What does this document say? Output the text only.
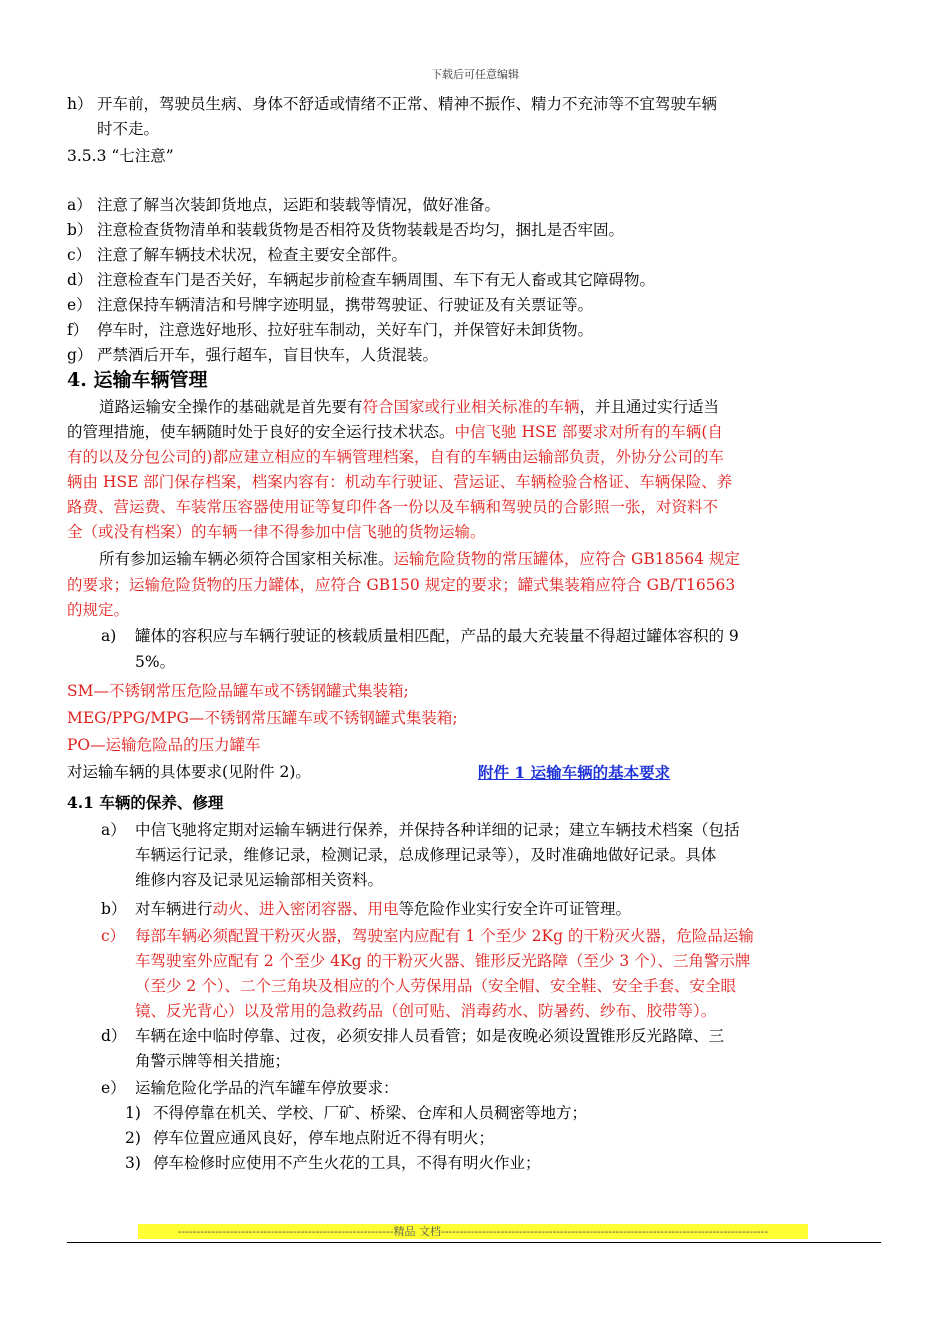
下载后可任意编辑
h） 开车前，驾驶员生病、身体不舒适或情绪不正常、精神不振作、精力不充沛等不宜驾驶车辆
时不走。
3.5.3 “七注意”
a） 注意了解当次装卸货地点，运距和装载等情况，做好准备。
b） 注意检查货物清单和装载货物是否相符及货物装载是否均匀，捆扎是否牢固。
c） 注意了解车辆技术状况，检查主要安全部件。
d） 注意检查车门是否关好，车辆起步前检查车辆周围、车下有无人畜或其它障碍物。
e） 注意保持车辆清洁和号牌字迹明显，携带驾驶证、行驶证及有关票证等。
f） 停车时，注意选好地形、拉好驻车制动，关好车门，并保管好未卸货物。
g） 严禁酒后开车，强行超车，盲目快车，人货混装。
4. 运输车辆管理
道路运输安全操作的基础就是首先要有符合国家或行业相关标准的车辆，并且通过实行适当
的管理措施，使车辆随时处于良好的安全运行技术状态。中信飞驰 HSE 部要求对所有的车辆(自
有的以及分包公司的)都应建立相应的车辆管理档案，自有的车辆由运输部负责，外协分公司的车
辆由 HSE 部门保存档案，档案内容有：机动车行驶证、营运证、车辆检验合格证、车辆保险、养
路费、营运费、车装常压容器使用证等复印件各一份以及车辆和驾驶员的合影照一张，对资料不
全（或没有档案）的车辆一律不得参加中信飞驰的货物运输。
所有参加运输车辆必须符合国家相关标准。运输危险货物的常压罐体，应符合 GB18564 规定
的要求；运输危险货物的压力罐体，应符合 GB150 规定的要求；罐式集装箱应符合 GB/T16563
的规定。
a) 罐体的容积应与车辆行驶证的核载质量相匹配，产品的最大充装量不得超过罐体容积的 9
5%。
SM—不锈钢常压危险品罐车或不锈钢罐式集装箱;
MEG/PPG/MPG—不锈钢常压罐车或不锈钢罐式集装箱;
PO—运输危险品的压力罐车
对运输车辆的具体要求(见附件 2)。	附件 1 运输车辆的基本要求
4.1 车辆的保养、修理
a） 中信飞驰将定期对运输车辆进行保养，并保持各种详细的记录；建立车辆技术档案（包括
车辆运行记录，维修记录，检测记录，总成修理记录等），及时准确地做好记录。具体
维修内容及记录见运输部相关资料。
b） 对车辆进行动火、进入密闭容器、用电等危险作业实行安全许可证管理。
c） 每部车辆必须配置干粉灭火器，驾驶室内应配有 1 个至少 2Kg 的干粉灭火器，危险品运输
车驾驶室外应配有 2 个至少 4Kg 的干粉灭火器、锥形反光路障（至少 3 个）、三角警示牌
（至少 2 个）、二个三角块及相应的个人劳保用品（安全帽、安全鞋、安全手套、安全眼
镜、反光背心）以及常用的急救药品（创可贴、消毒药水、防暑药、纱布、胶带等）。
d） 车辆在途中临时停靠、过夜，必须安排人员看管；如是夜晚必须设置锥形反光路障、三
角警示牌等相关措施；
e） 运输危险化学品的汽车罐车停放要求：
1) 不得停靠在机关、学校、厂矿、桥梁、仓库和人员稠密等地方；
2) 停车位置应通风良好，停车地点附近不得有明火；
3) 停车检修时应使用不产生火花的工具，不得有明火作业；
----------------------------------------------------------精品 文档----------------------------------------------------------------------------------------
